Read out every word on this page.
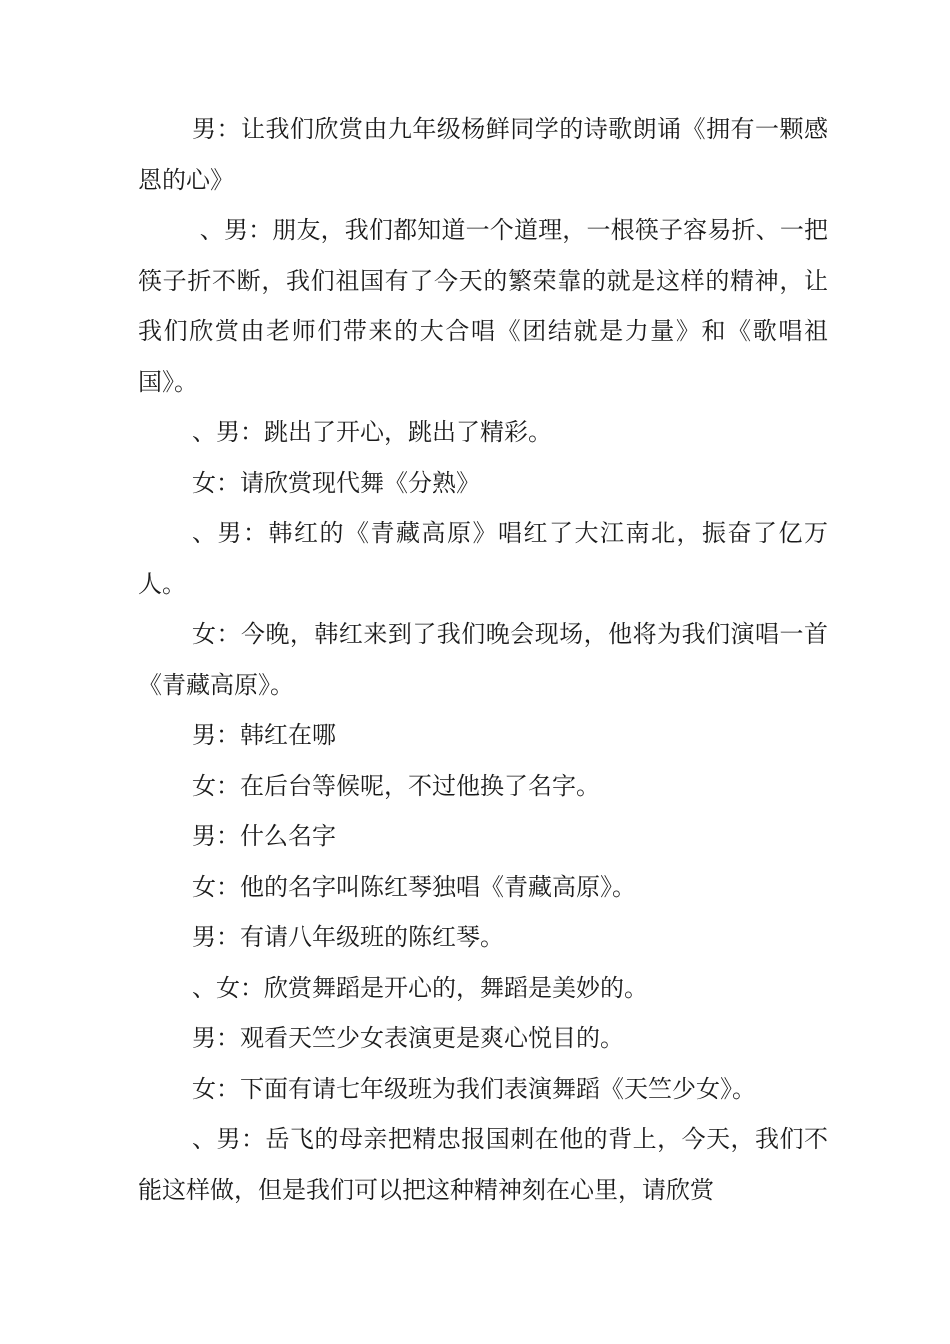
男：让我们欣赏由九年级杨鲜同学的诗歌朗诵《拥有一颗感恩的心》

、男：朋友，我们都知道一个道理，一根筷子容易折、一把筷子折不断，我们祖国有了今天的繁荣靠的就是这样的精神，让我们欣赏由老师们带来的大合唱《团结就是力量》和《歌唱祖国》。

、男：跳出了开心，跳出了精彩。

女：请欣赏现代舞《分熟》

、男：韩红的《青藏高原》唱红了大江南北，振奋了亿万人。

女：今晚，韩红来到了我们晚会现场，他将为我们演唱一首《青藏高原》。

男：韩红在哪

女：在后台等候呢，不过他换了名字。

男：什么名字

女：他的名字叫陈红琴独唱《青藏高原》。

男：有请八年级班的陈红琴。

、女：欣赏舞蹈是开心的，舞蹈是美妙的。

男：观看天竺少女表演更是爽心悦目的。

女：下面有请七年级班为我们表演舞蹈《天竺少女》。

、男：岳飞的母亲把精忠报国刺在他的背上，今天，我们不能这样做，但是我们可以把这种精神刻在心里，请欣赏
